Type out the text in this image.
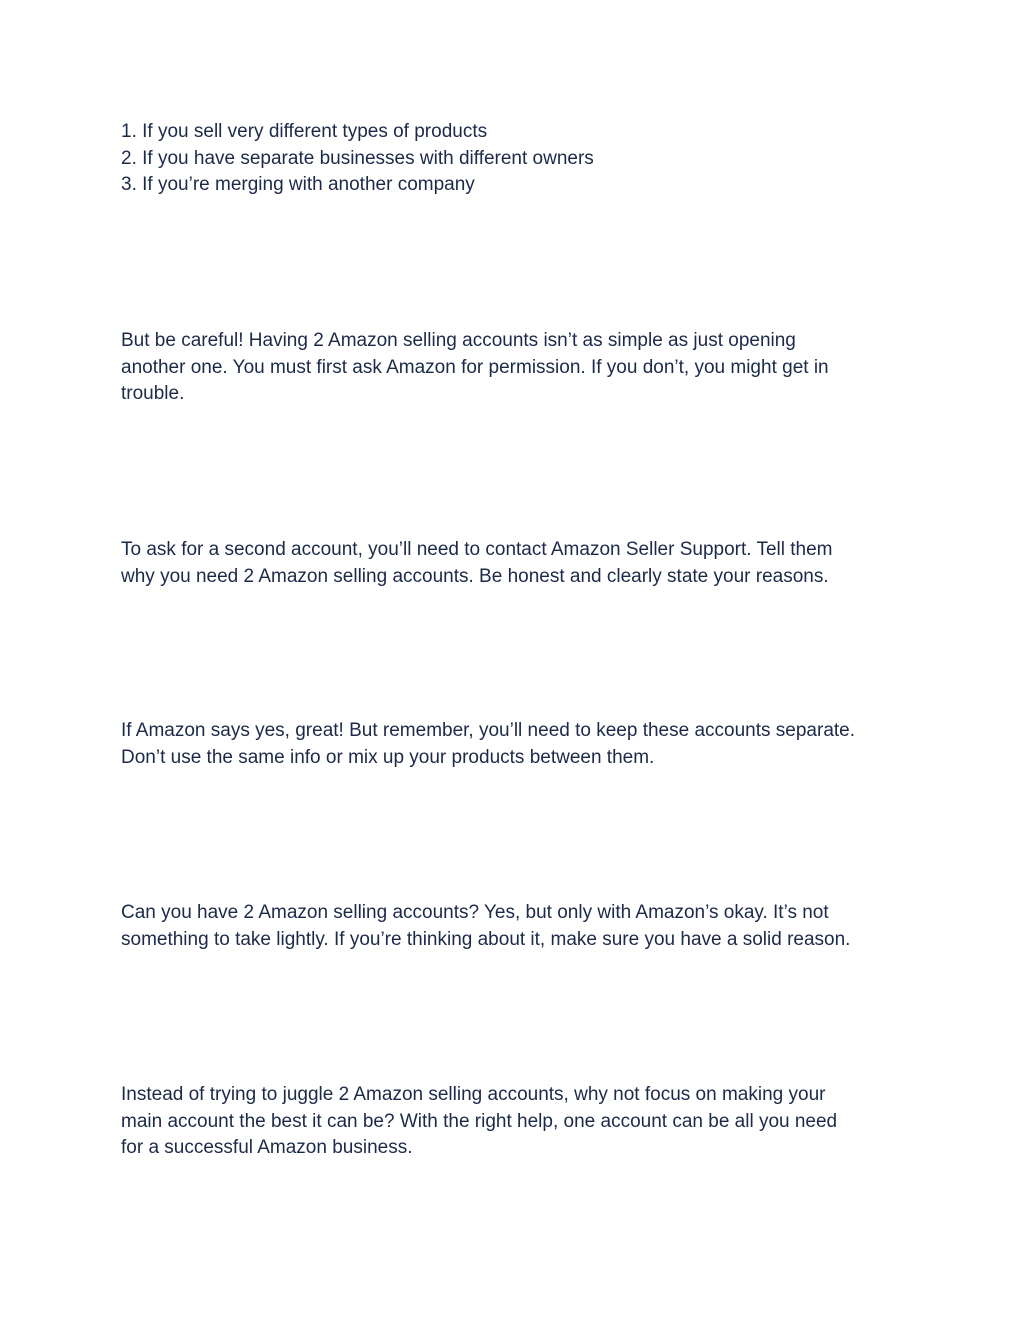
1. If you sell very different types of products
2. If you have separate businesses with different owners
3. If you’re merging with another company

But be careful! Having 2 Amazon selling accounts isn’t as simple as just opening
another one. You must first ask Amazon for permission. If you don’t, you might get in
trouble.

To ask for a second account, you’ll need to contact Amazon Seller Support. Tell them
why you need 2 Amazon selling accounts. Be honest and clearly state your reasons.

If Amazon says yes, great! But remember, you’ll need to keep these accounts separate.
Don’t use the same info or mix up your products between them.

Can you have 2 Amazon selling accounts? Yes, but only with Amazon’s okay. It’s not
something to take lightly. If you’re thinking about it, make sure you have a solid reason.

Instead of trying to juggle 2 Amazon selling accounts, why not focus on making your
main account the best it can be? With the right help, one account can be all you need
for a successful Amazon business.
